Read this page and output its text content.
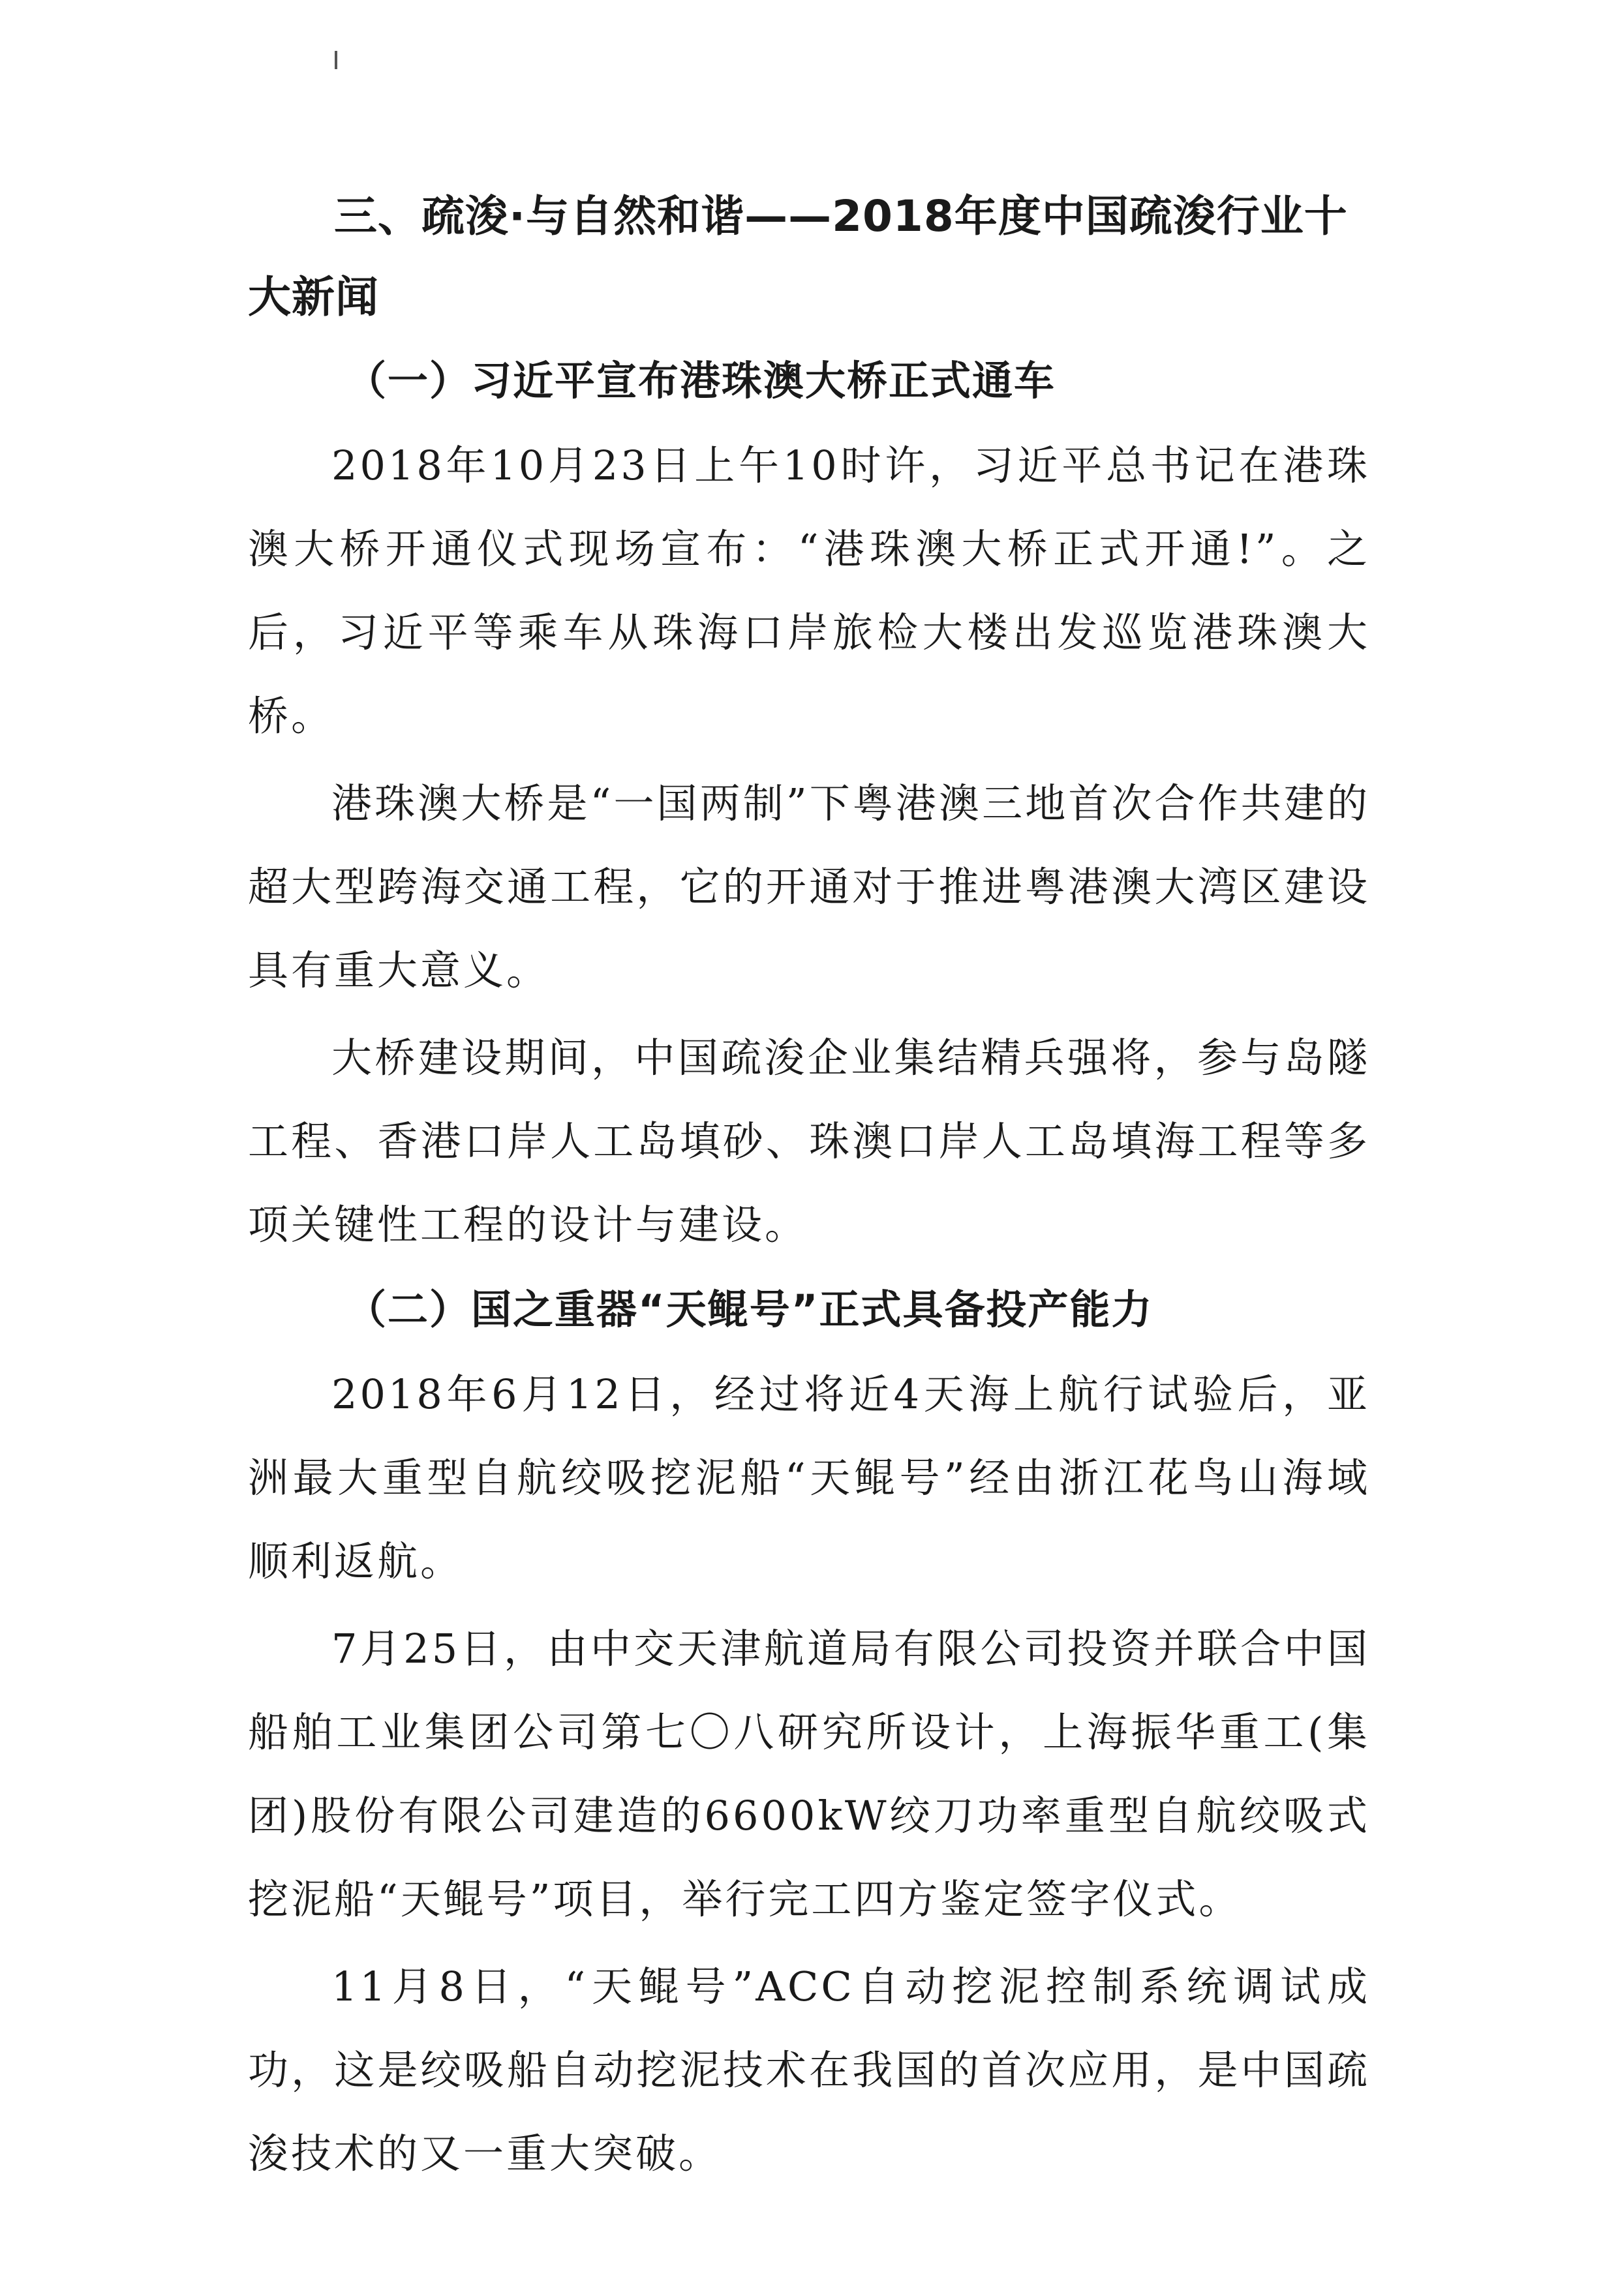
三、疏浚·与自然和谐——2018年度中国疏浚行业十大新闻
（一）习近平宣布港珠澳大桥正式通车

2018年10月23日上午10时许，习近平总书记在港珠澳大桥开通仪式现场宣布：“港珠澳大桥正式开通!”。之后，习近平等乘车从珠海口岸旅检大楼出发巡览港珠澳大桥。

港珠澳大桥是“一国两制”下粤港澳三地首次合作共建的超大型跨海交通工程，它的开通对于推进粤港澳大湾区建设具有重大意义。

大桥建设期间，中国疏浚企业集结精兵强将，参与岛隧工程、香港口岸人工岛填砂、珠澳口岸人工岛填海工程等多项关键性工程的设计与建设。

（二）国之重器“天鲲号”正式具备投产能力

2018年6月12日，经过将近4天海上航行试验后，亚洲最大重型自航绞吸挖泥船“天鲲号”经由浙江花鸟山海域顺利返航。

7月25日，由中交天津航道局有限公司投资并联合中国船舶工业集团公司第七〇八研究所设计，上海振华重工(集团)股份有限公司建造的6600kW绞刀功率重型自航绞吸式挖泥船“天鲲号”项目，举行完工四方鉴定签字仪式。

11月8日，“天鲲号”ACC自动挖泥控制系统调试成功，这是绞吸船自动挖泥技术在我国的首次应用，是中国疏浚技术的又一重大突破。
